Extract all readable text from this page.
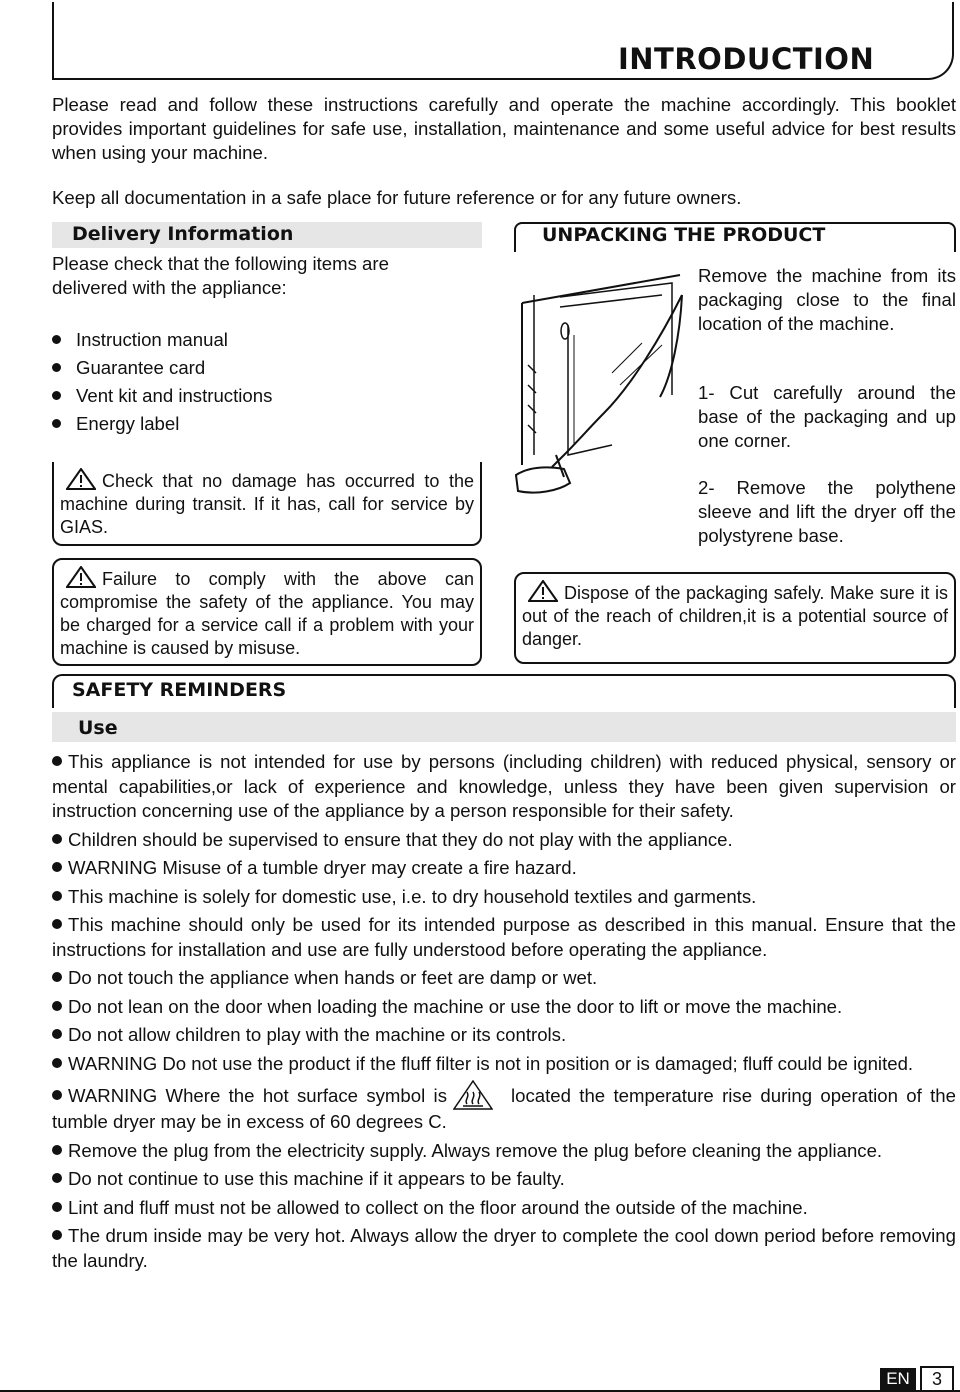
INTRODUCTION
Please read and follow these instructions carefully and operate the machine accordingly. This booklet provides important guidelines for safe use, installation, maintenance and some useful advice for best results when using your machine.
Keep all documentation in a safe place for future reference or for any future owners.
Delivery Information
Please check that the following items are delivered with the appliance:
Instruction manual
Guarantee card
Vent kit and instructions
Energy label
Check that no damage has occurred to the machine during transit. If it has, call for service by GIAS.
Failure to comply with the above can compromise the safety of the appliance. You may be charged for a service call if a problem with your machine is caused by misuse.
UNPACKING THE PRODUCT
Remove the machine from its packaging close to the final location of the machine.
1- Cut carefully around the base of the packaging and up one corner.
2- Remove the polythene sleeve and lift the dryer off the polystyrene base.
Dispose of the packaging safely. Make sure it is out of the reach of children,it is a potential source of danger.
SAFETY REMINDERS
Use

This appliance is not intended for use by persons (including children) with reduced physical, sensory or mental capabilities,or lack of experience and knowledge, unless they have been given supervision or instruction concerning use of the appliance by a person responsible for their safety.

Children should be supervised to ensure that they do not play with the appliance.

WARNING Misuse of a tumble dryer may create a fire hazard.

This machine is solely for domestic use, i.e. to dry household textiles and garments.

This machine should only be used for its intended purpose as described in this manual. Ensure that the instructions for installation and use are fully understood before operating the appliance.

Do not touch the appliance when hands or feet are damp or wet.

Do not lean on the door when loading the machine or use the door to lift or move the machine.

Do not allow children to play with the machine or its controls.

WARNING Do not use the product if the fluff filter is not in position or is damaged; fluff could be ignited.

WARNING Where the hot surface symbol is	located the temperature rise during operation of the tumble dryer may be in excess of 60 degrees C.

Remove the plug from the electricity supply. Always remove the plug before cleaning the appliance.

Do not continue to use this machine if it appears to be faulty.

Lint and fluff must not be allowed to collect on the floor around the outside of the machine.

The drum inside may be very hot. Always allow the dryer to complete the cool down period before removing the laundry.

EN	3
